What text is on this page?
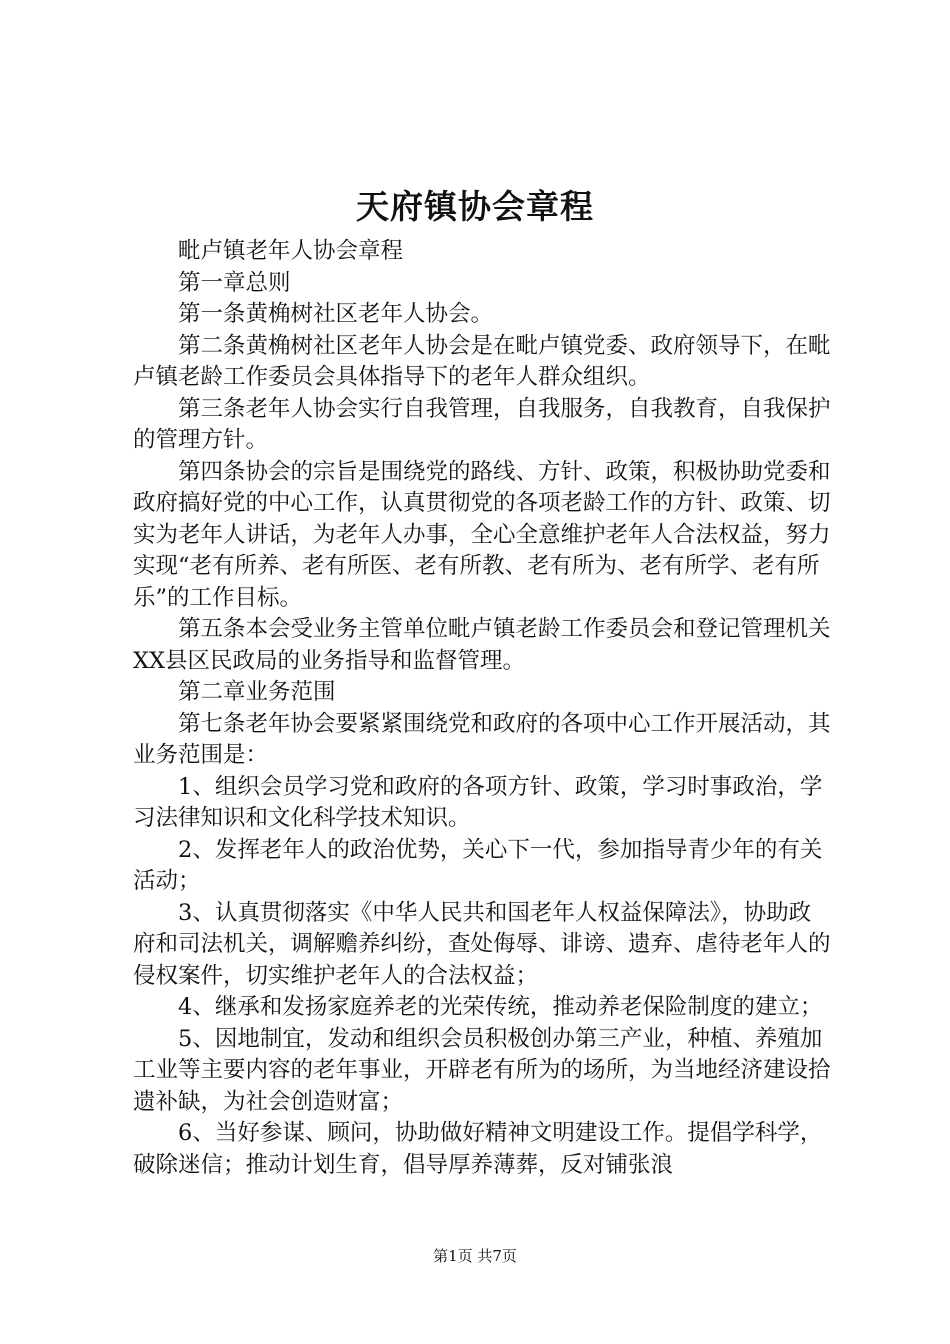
天府镇协会章程

毗卢镇老年人协会章程

第一章总则

第一条黄桷树社区老年人协会。

第二条黄桷树社区老年人协会是在毗卢镇党委、政府领导下，在毗卢镇老龄工作委员会具体指导下的老年人群众组织。

第三条老年人协会实行自我管理，自我服务，自我教育，自我保护的管理方针。

第四条协会的宗旨是围绕党的路线、方针、政策，积极协助党委和政府搞好党的中心工作，认真贯彻党的各项老龄工作的方针、政策、切实为老年人讲话，为老年人办事，全心全意维护老年人合法权益，努力实现“老有所养、老有所医、老有所教、老有所为、老有所学、老有所乐”的工作目标。

第五条本会受业务主管单位毗卢镇老龄工作委员会和登记管理机关XX县区民政局的业务指导和监督管理。

第二章业务范围

第七条老年协会要紧紧围绕党和政府的各项中心工作开展活动，其业务范围是：

1、组织会员学习党和政府的各项方针、政策，学习时事政治，学习法律知识和文化科学技术知识。

2、发挥老年人的政治优势，关心下一代，参加指导青少年的有关活动；

3、认真贯彻落实《中华人民共和国老年人权益保障法》，协助政府和司法机关，调解赡养纠纷，查处侮辱、诽谤、遗弃、虐待老年人的侵权案件，切实维护老年人的合法权益；

4、继承和发扬家庭养老的光荣传统，推动养老保险制度的建立；

5、因地制宜，发动和组织会员积极创办第三产业，种植、养殖加工业等主要内容的老年事业，开辟老有所为的场所，为当地经济建设拾遗补缺，为社会创造财富；

6、当好参谋、顾问，协助做好精神文明建设工作。提倡学科学，破除迷信；推动计划生育，倡导厚养薄葬，反对铺张浪

第1页 共7页
